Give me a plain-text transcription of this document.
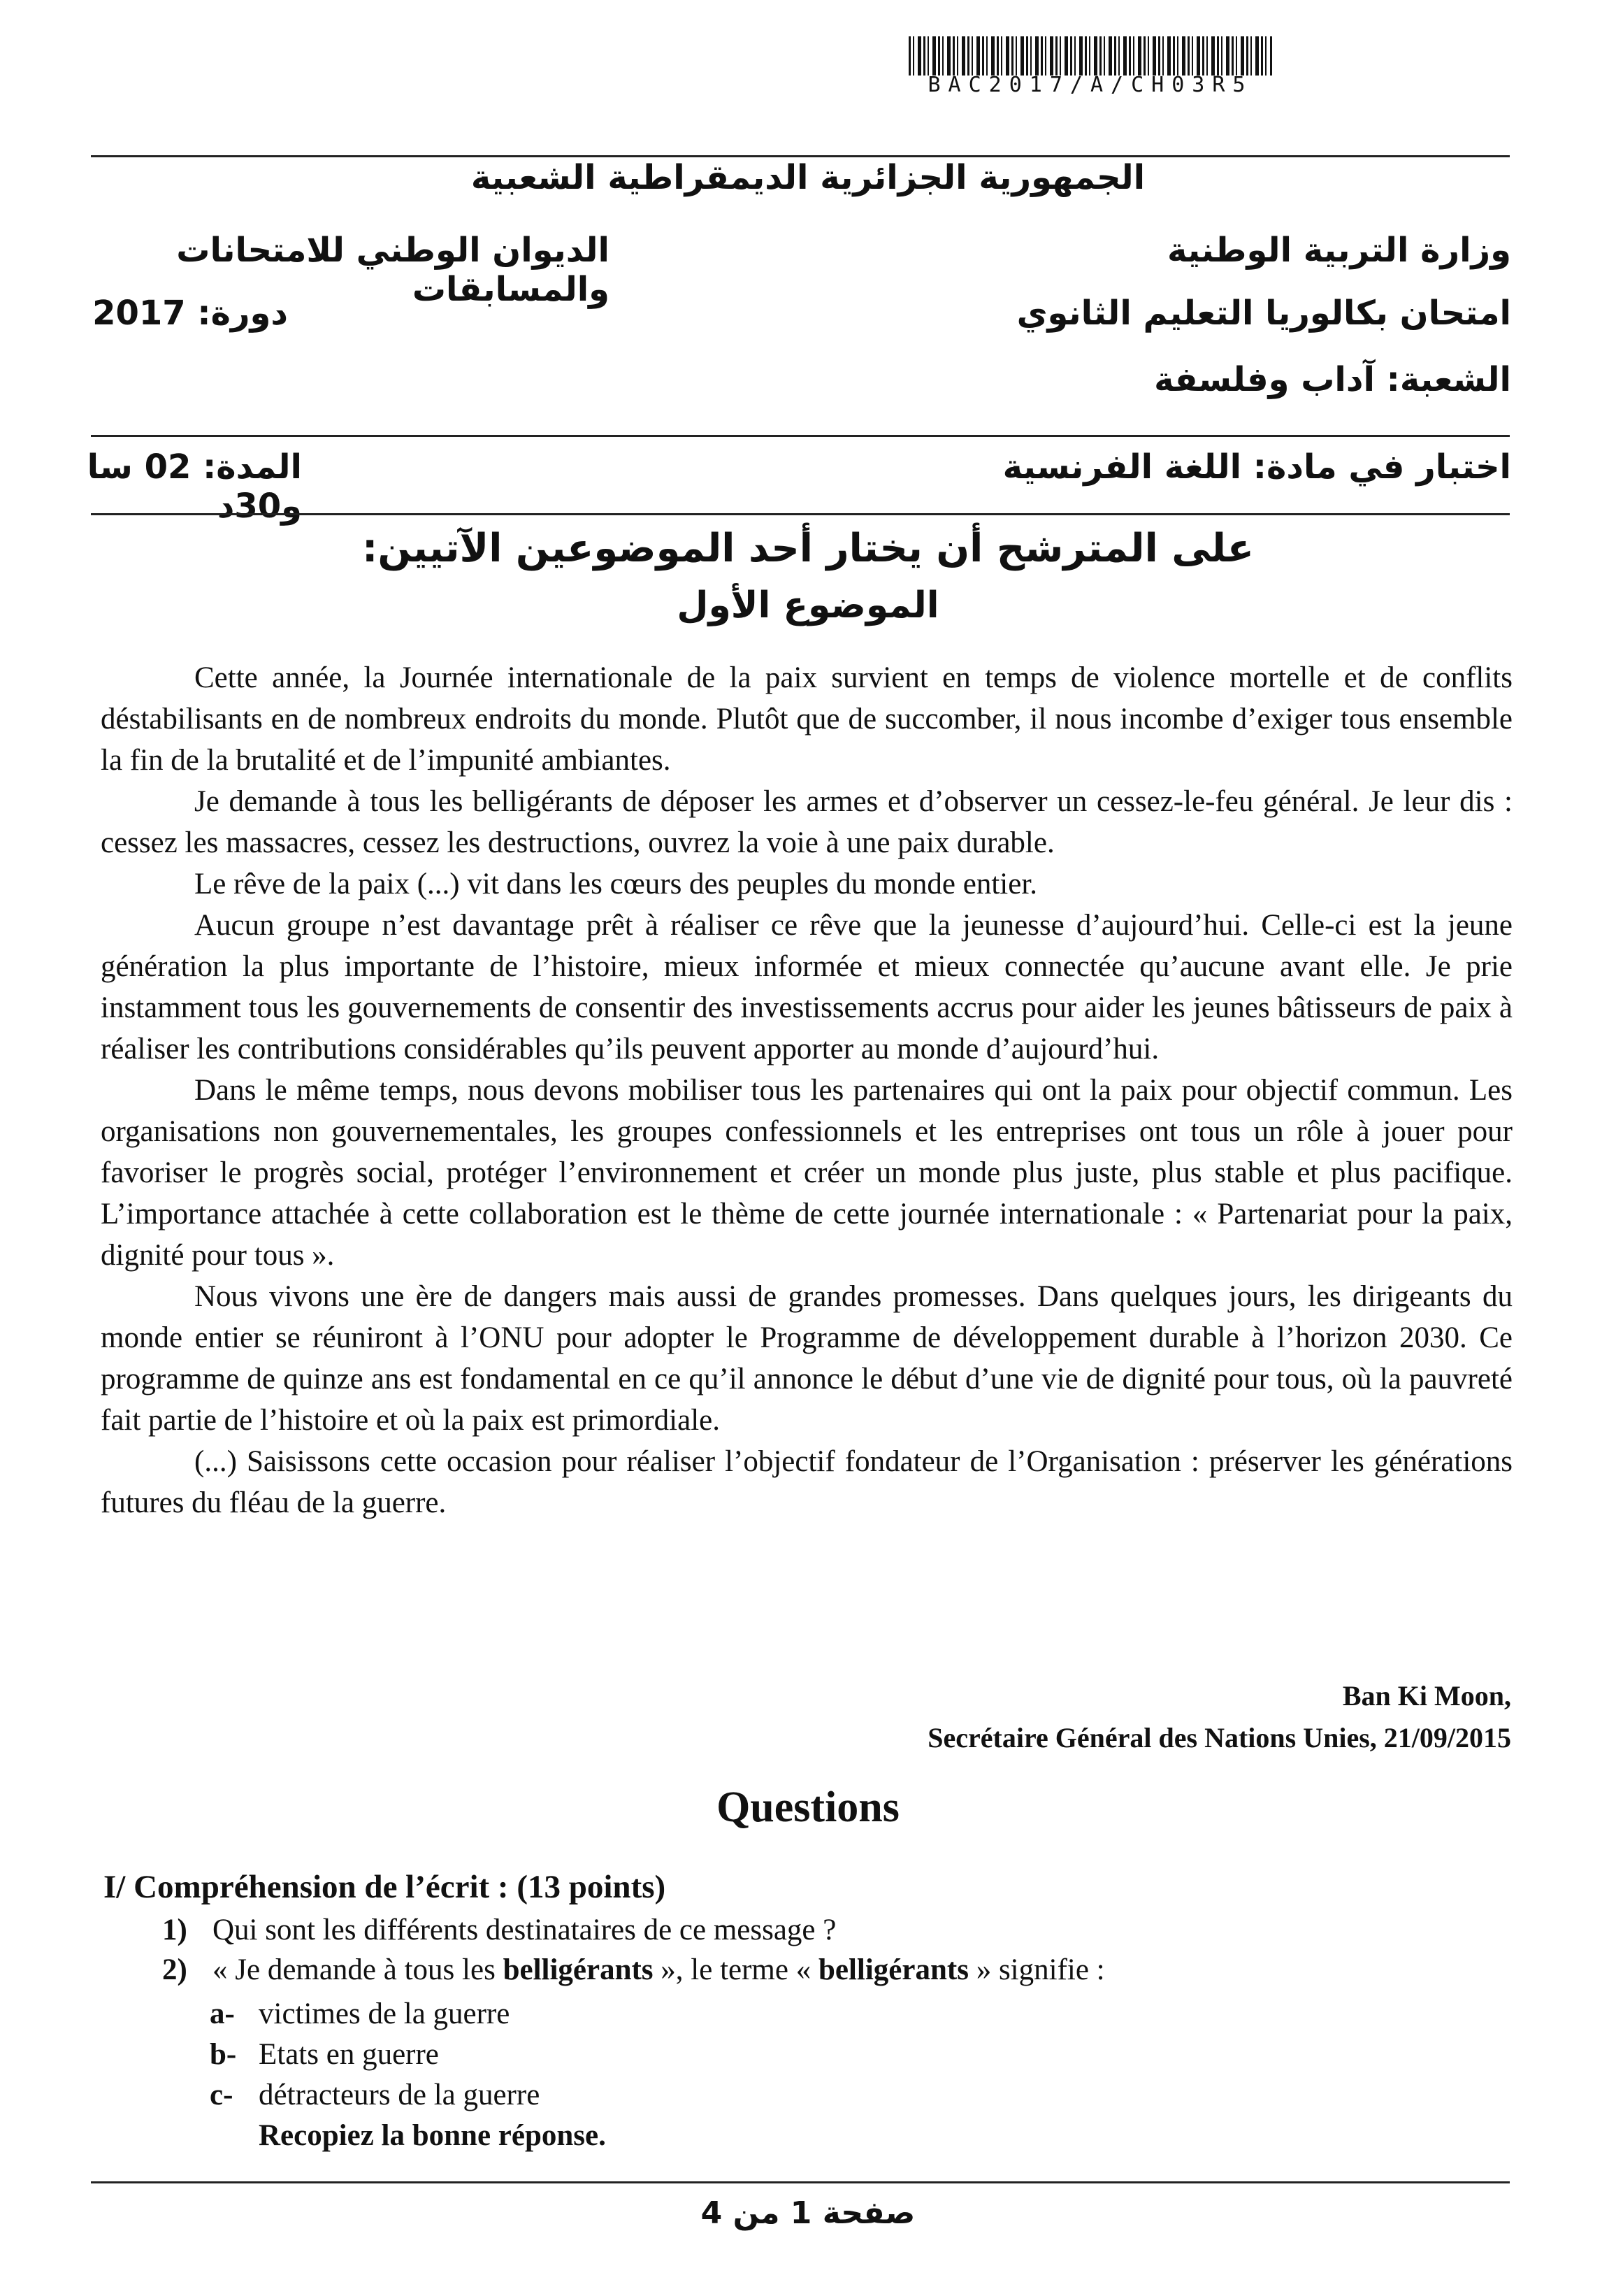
BAC2017/A/CH03R5
الجمهورية الجزائرية الديمقراطية الشعبية
وزارة التربية الوطنية
الديوان الوطني للامتحانات والمسابقات
امتحان بكالوريا التعليم الثانوي
دورة: 2017
الشعبة: آداب وفلسفة
اختبار في مادة: اللغة الفرنسية
المدة: 02 سا و30د
على المترشح أن يختار أحد الموضوعين الآتيين:
الموضوع الأول

Cette année, la Journée internationale de la paix survient en temps de violence mortelle et de conflits déstabilisants en de nombreux endroits du monde. Plutôt que de succomber, il nous incombe d’exiger tous ensemble la fin de la brutalité et de l’impunité ambiantes.

Je demande à tous les belligérants de déposer les armes et d’observer un cessez-le-feu général. Je leur dis : cessez les massacres, cessez les destructions, ouvrez la voie à une paix durable.

Le rêve de la paix (...) vit dans les cœurs des peuples du monde entier.

Aucun groupe n’est davantage prêt à réaliser ce rêve que la jeunesse d’aujourd’hui. Celle-ci est la jeune génération la plus importante de l’histoire, mieux informée et mieux connectée qu’aucune avant elle. Je prie instamment tous les gouvernements de consentir des investissements accrus pour aider les jeunes bâtisseurs de paix à réaliser les contributions considérables qu’ils peuvent apporter au monde d’aujourd’hui.

Dans le même temps, nous devons mobiliser tous les partenaires qui ont la paix pour objectif commun. Les organisations non gouvernementales, les groupes confessionnels et les entreprises ont tous un rôle à jouer pour favoriser le progrès social, protéger l’environnement et créer un monde plus juste, plus stable et plus pacifique. L’importance attachée à cette collaboration est le thème de cette journée internationale : « Partenariat pour la paix, dignité pour tous ».

Nous vivons une ère de dangers mais aussi de grandes promesses. Dans quelques jours, les dirigeants du monde entier se réuniront à l’ONU pour adopter le Programme de développement durable à l’horizon 2030. Ce programme de quinze ans est fondamental en ce qu’il annonce le début d’une vie de dignité pour tous, où la pauvreté fait partie de l’histoire et où la paix est primordiale.

(...) Saisissons cette occasion pour réaliser l’objectif fondateur de l’Organisation : préserver les générations futures du fléau de la guerre.

Ban Ki Moon,
Secrétaire Général des Nations Unies, 21/09/2015
Questions
I/ Compréhension de l’écrit : (13 points)
1) Qui sont les différents destinataires de ce message ?
2) « Je demande à tous les belligérants », le terme « belligérants » signifie :
a- victimes de la guerre
b- Etats en guerre
c- détracteurs de la guerre
Recopiez la bonne réponse.
صفحة 1 من 4
